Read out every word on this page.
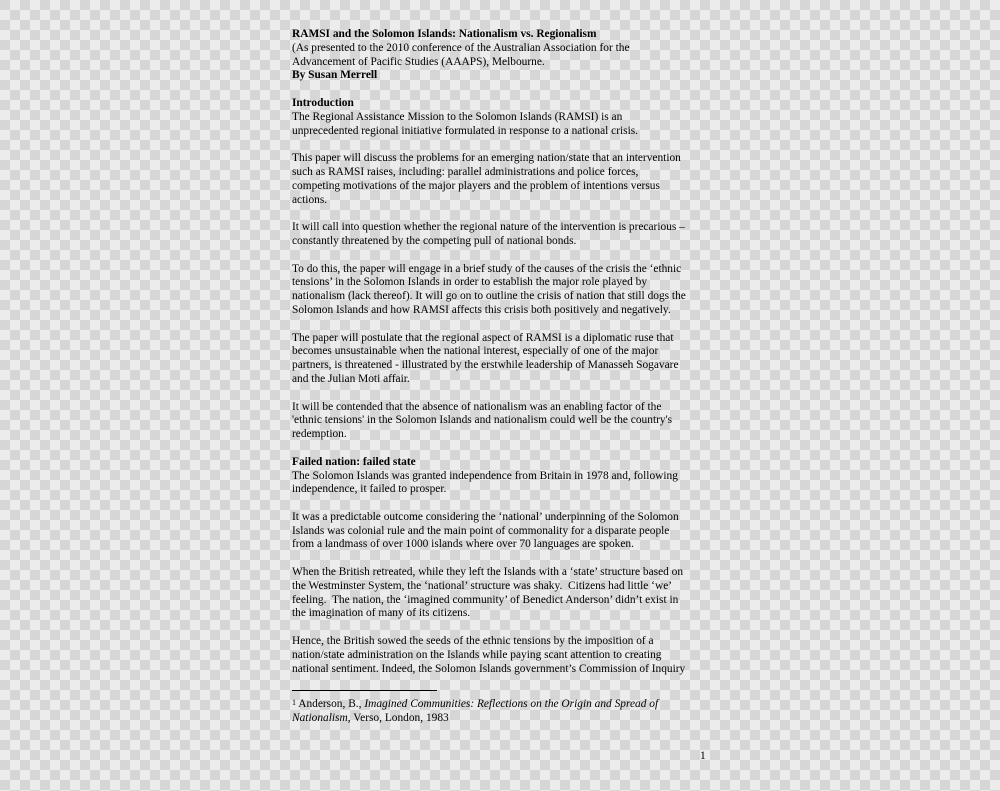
RAMSI and the Solomon Islands: Nationalism vs. Regionalism
(As presented to the 2010 conference of the Australian Association for the
Advancement of Pacific Studies (AAAPS), Melbourne.
By Susan Merrell
Introduction
The Regional Assistance Mission to the Solomon Islands (RAMSI) is an
unprecedented regional initiative formulated in response to a national crisis.
This paper will discuss the problems for an emerging nation/state that an intervention
such as RAMSI raises, including: parallel administrations and police forces,
competing motivations of the major players and the problem of intentions versus
actions.
It will call into question whether the regional nature of the intervention is precarious –
constantly threatened by the competing pull of national bonds.
To do this, the paper will engage in a brief study of the causes of the crisis the ‘ethnic
tensions’ in the Solomon Islands in order to establish the major role played by
nationalism (lack thereof). It will go on to outline the crisis of nation that still dogs the
Solomon Islands and how RAMSI affects this crisis both positively and negatively.
The paper will postulate that the regional aspect of RAMSI is a diplomatic ruse that
becomes unsustainable when the national interest, especially of one of the major
partners, is threatened - illustrated by the erstwhile leadership of Manasseh Sogavare
and the Julian Moti affair.
It will be contended that the absence of nationalism was an enabling factor of the
'ethnic tensions' in the Solomon Islands and nationalism could well be the country's
redemption.
Failed nation: failed state
The Solomon Islands was granted independence from Britain in 1978 and, following
independence, it failed to prosper.
It was a predictable outcome considering the ‘national’ underpinning of the Solomon
Islands was colonial rule and the main point of commonality for a disparate people
from a landmass of over 1000 islands where over 70 languages are spoken.
When the British retreated, while they left the Islands with a ‘state’ structure based on
the Westminster System, the ‘national’ structure was shaky.  Citizens had little ‘we’
feeling.  The nation, the ‘imagined community’ of Benedict Anderson’ didn’t exist in
the imagination of many of its citizens.
Hence, the British sowed the seeds of the ethnic tensions by the imposition of a
nation/state administration on the Islands while paying scant attention to creating
national sentiment. Indeed, the Solomon Islands government’s Commission of Inquiry
$^1$ Anderson, B., Imagined Communities: Reflections on the Origin and Spread of
Nationalism, Verso, London, 1983
1
